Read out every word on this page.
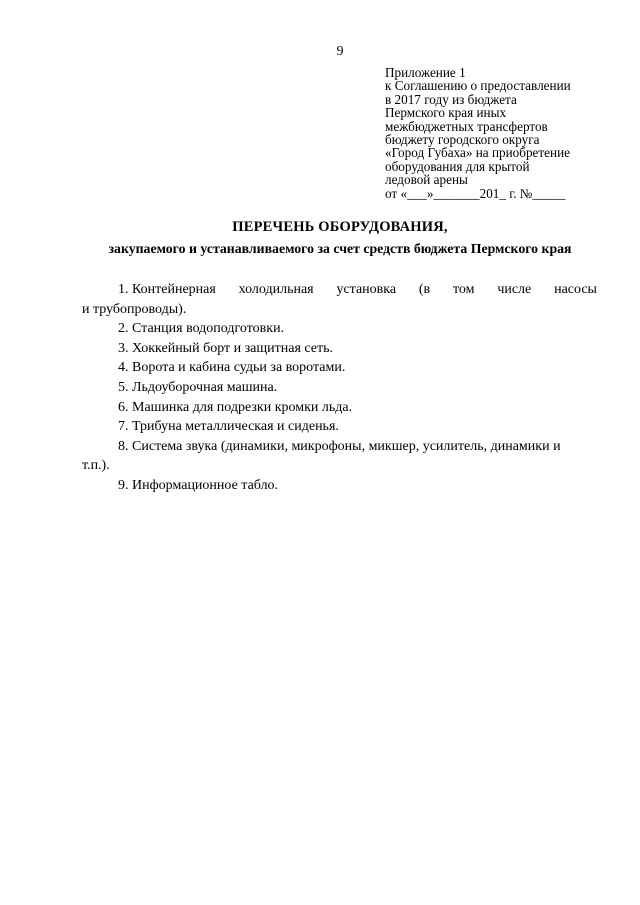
9
Приложение 1
к Соглашению о предоставлении
в 2017 году из бюджета
Пермского края иных
межбюджетных трансфертов
бюджету городского округа
«Город Губаха» на приобретение
оборудования для крытой
ледовой арены
от «___»_______201_ г. №_____
ПЕРЕЧЕНЬ ОБОРУДОВАНИЯ,
закупаемого и устанавливаемого за счет средств бюджета Пермского края
1. Контейнерная холодильная установка (в том числе насосы
и трубопроводы).
2. Станция водоподготовки.
3. Хоккейный борт и защитная сеть.
4. Ворота и кабина судьи за воротами.
5. Льдоуборочная машина.
6. Машинка для подрезки кромки льда.
7. Трибуна металлическая и сиденья.
8. Система звука (динамики, микрофоны, микшер, усилитель, динамики и
т.п.).
9. Информационное табло.
